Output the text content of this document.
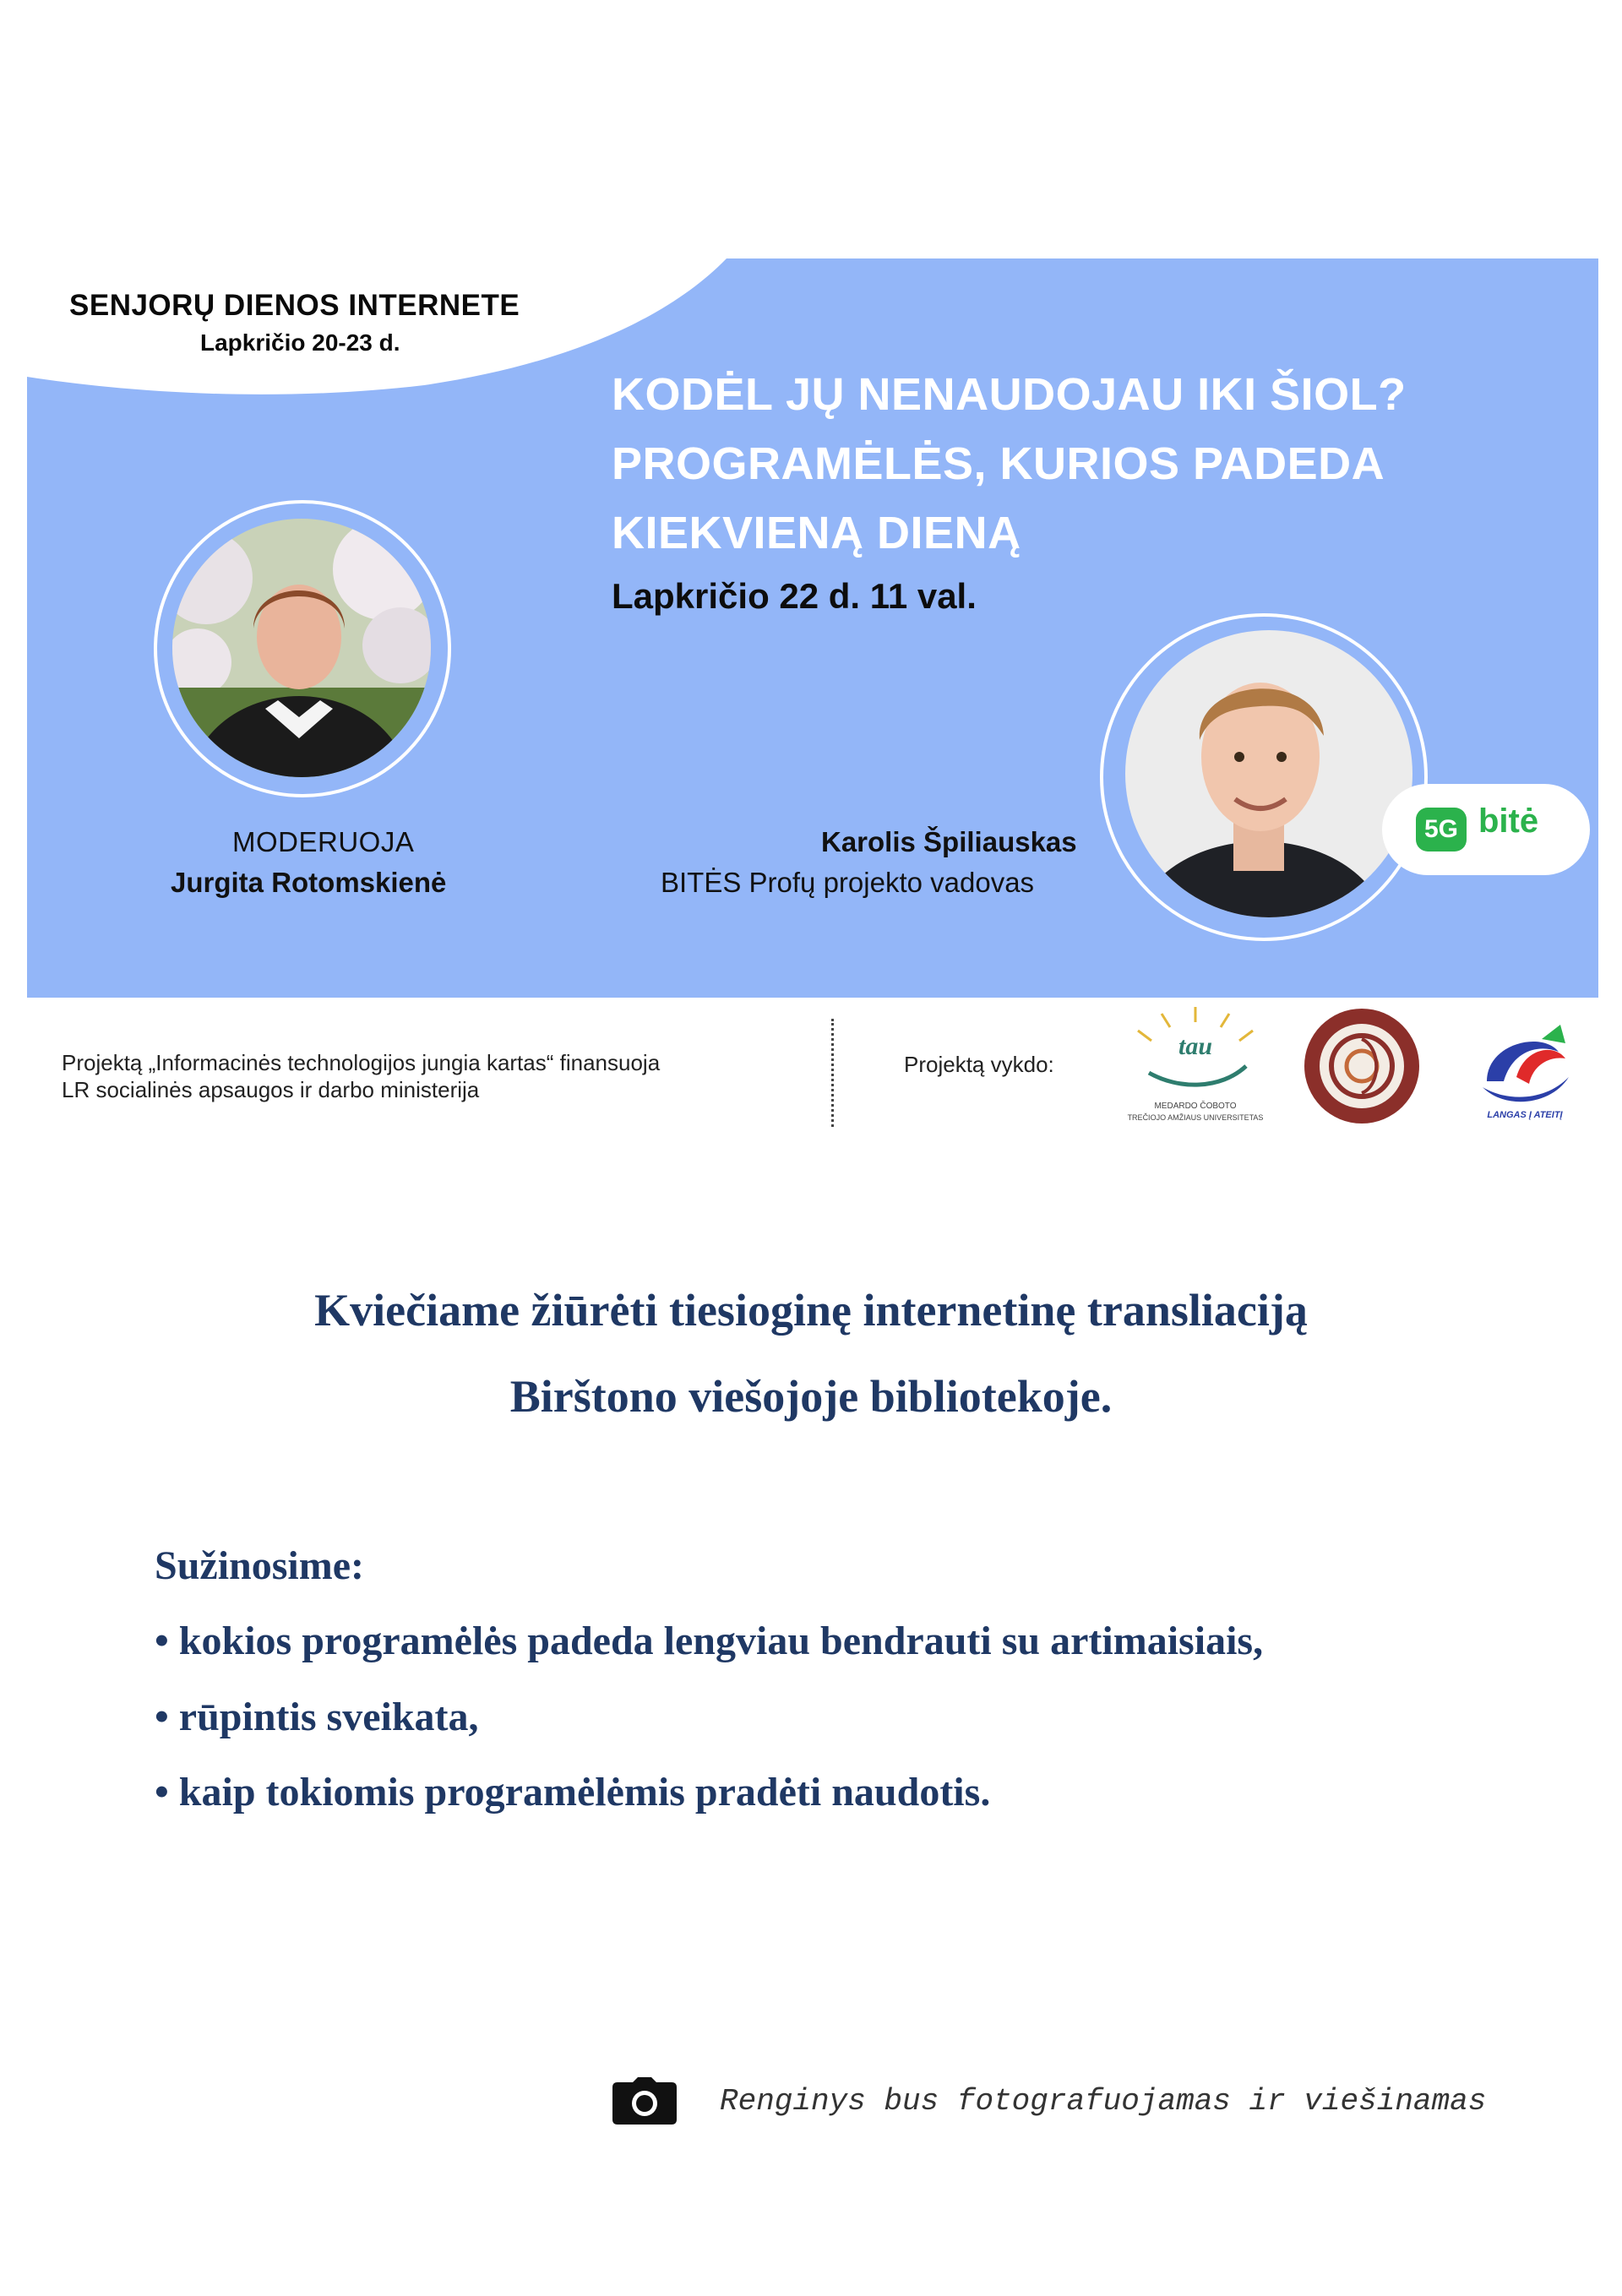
SENJORŲ DIENOS INTERNETE
Lapkričio 20-23 d.
KODĖL JŲ NENAUDOJAU IKI ŠIOL?
PROGRAMĖLĖS, KURIOS PADEDA
KIEKVIENĄ DIENĄ
Lapkričio 22 d. 11 val.
MODERUOJA
Jurgita Rotomskienė
Karolis Špiliauskas
BITĖS Profų projekto vadovas
5G bitė
Projektą „Informacinės technologijos jungia kartas“ finansuoja
LR socialinės apsaugos ir darbo ministerija
Projektą vykdo:
tau
MEDARDO ČOBOTO
TREČIOJO AMŽIAUS UNIVERSITETAS	LANGAS Į ATEITĮ
Kviečiame žiūrėti tiesioginę internetinę transliaciją
Birštono viešojoje bibliotekoje.
Sužinosime:
• kokios programėlės padeda lengviau bendrauti su artimaisiais,
• rūpintis sveikata,
• kaip tokiomis programėlėmis pradėti naudotis.
Renginys bus fotografuojamas ir viešinamas
